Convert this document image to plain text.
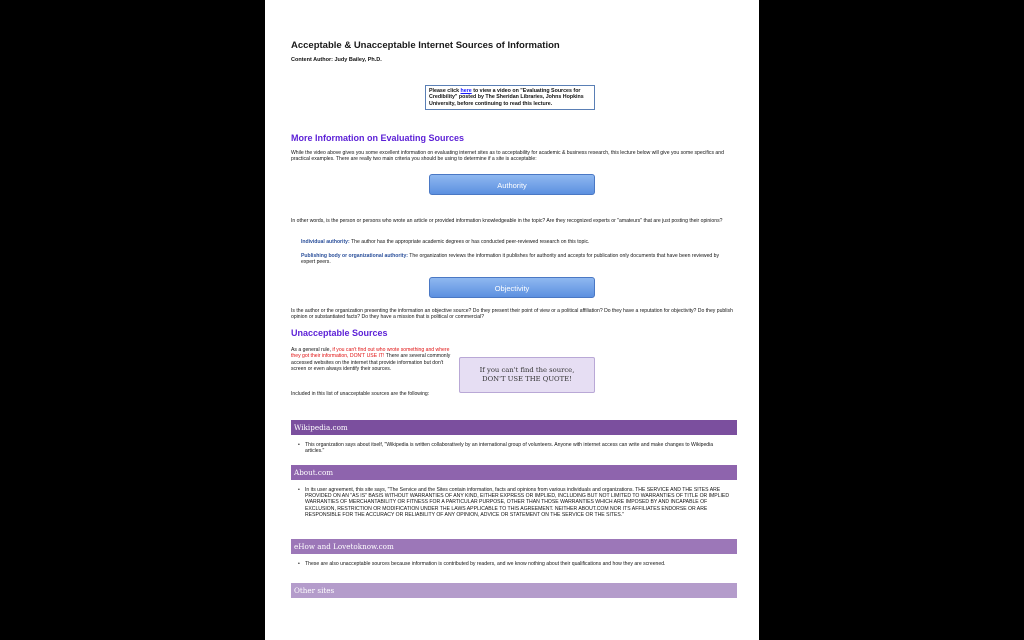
Acceptable & Unacceptable Internet Sources of Information
Content Author: Judy Bailey, Ph.D.
Please click here to view a video on "Evaluating Sources for Credibility" posted by The Sheridan Libraries, Johns Hopkins University, before continuing to read this lecture.
More Information on Evaluating Sources
While the video above gives you some excellent information on evaluating internet sites as to acceptability for academic & business research, this lecture below will give you some specifics and practical examples. There are really two main criteria you should be using to determine if a site is acceptable:
Authority
In other words, is the person or persons who wrote an article or provided information knowledgeable in the topic? Are they recognized experts or "amateurs" that are just posting their opinions?
Individual authority: The author has the appropriate academic degrees or has conducted peer-reviewed research on this topic.
Publishing body or organizational authority: The organization reviews the information it publishes for authority and accepts for publication only documents that have been reviewed by expert peers.
Objectivity
Is the author or the organization presenting the information an objective source? Do they present their point of view or a political affiliation? Do they have a reputation for objectivity? Do they publish opinion or substantiated facts? Do they have a mission that is political or commercial?
Unacceptable Sources
As a general rule, if you can't find out who wrote something and where they got their information, DON'T USE IT! There are several commonly accessed websites on the internet that provide information but don't screen or even always identify their sources.
Included in this list of unacceptable sources are the following:
If you can't find the source,
DON'T USE THE QUOTE!
Wikipedia.com
• This organization says about itself, "Wikipedia is written collaboratively by an international group of volunteers. Anyone with internet access can write and make changes to Wikipedia articles."
About.com
• In its user agreement, this site says, "The Service and the Sites contain information, facts and opinions from various individuals and organizations. THE SERVICE AND THE SITES ARE PROVIDED ON AN "AS IS" BASIS WITHOUT WARRANTIES OF ANY KIND, EITHER EXPRESS OR IMPLIED, INCLUDING BUT NOT LIMITED TO WARRANTIES OF TITLE OR IMPLIED WARRANTIES OF MERCHANTABILITY OR FITNESS FOR A PARTICULAR PURPOSE, OTHER THAN THOSE WARRANTIES WHICH ARE IMPOSED BY AND INCAPABLE OF EXCLUSION, RESTRICTION OR MODIFICATION UNDER THE LAWS APPLICABLE TO THIS AGREEMENT. NEITHER ABOUT.COM NOR ITS AFFILIATES ENDORSE OR ARE RESPONSIBLE FOR THE ACCURACY OR RELIABILITY OF ANY OPINION, ADVICE OR STATEMENT ON THE SERVICE OR THE SITES."
eHow and Lovetoknow.com
• These are also unacceptable sources because information is contributed by readers, and we know nothing about their qualifications and how they are screened.
Other sites
